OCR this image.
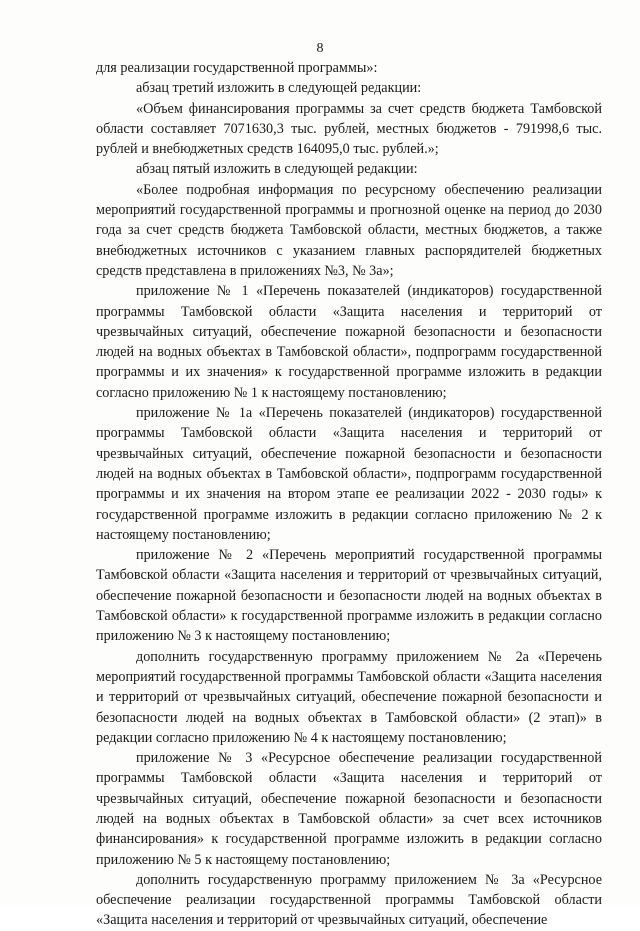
8

для реализации государственной программы»:

абзац третий изложить в следующей редакции:

«Объем финансирования программы за счет средств бюджета Тамбовской области составляет 7071630,3 тыс. рублей, местных бюджетов - 791998,6 тыс. рублей и внебюджетных средств 164095,0 тыс. рублей.»;

абзац пятый изложить в следующей редакции:

«Более подробная информация по ресурсному обеспечению реализации мероприятий государственной программы и прогнозной оценке на период до 2030 года за счет средств бюджета Тамбовской области, местных бюджетов, а также внебюджетных источников с указанием главных распорядителей бюджетных средств представлена в приложениях №3, № 3а»;

приложение № 1 «Перечень показателей (индикаторов) государственной программы Тамбовской области «Защита населения и территорий от чрезвычайных ситуаций, обеспечение пожарной безопасности и безопасности людей на водных объектах в Тамбовской области», подпрограмм государственной программы и их значения» к государственной программе изложить в редакции согласно приложению № 1 к настоящему постановлению;

приложение № 1а «Перечень показателей (индикаторов) государственной программы Тамбовской области «Защита населения и территорий от чрезвычайных ситуаций, обеспечение пожарной безопасности и безопасности людей на водных объектах в Тамбовской области», подпрограмм государственной программы и их значения на втором этапе ее реализации 2022 - 2030 годы» к государственной программе изложить в редакции согласно приложению № 2 к настоящему постановлению;

приложение № 2 «Перечень мероприятий государственной программы Тамбовской области «Защита населения и территорий от чрезвычайных ситуаций, обеспечение пожарной безопасности и безопасности людей на водных объектах в Тамбовской области» к государственной программе изложить в редакции согласно приложению № 3 к настоящему постановлению;

дополнить государственную программу приложением № 2а «Перечень мероприятий государственной программы Тамбовской области «Защита населения и территорий от чрезвычайных ситуаций, обеспечение пожарной безопасности и безопасности людей на водных объектах в Тамбовской области» (2 этап)» в редакции согласно приложению № 4 к настоящему постановлению;

приложение № 3 «Ресурсное обеспечение реализации государственной программы Тамбовской области «Защита населения и территорий от чрезвычайных ситуаций, обеспечение пожарной безопасности и безопасности людей на водных объектах в Тамбовской области» за счет всех источников финансирования» к государственной программе изложить в редакции согласно приложению № 5 к настоящему постановлению;

дополнить государственную программу приложением № 3а «Ресурсное обеспечение реализации государственной программы Тамбовской области «Защита населения и территорий от чрезвычайных ситуаций, обеспечение
